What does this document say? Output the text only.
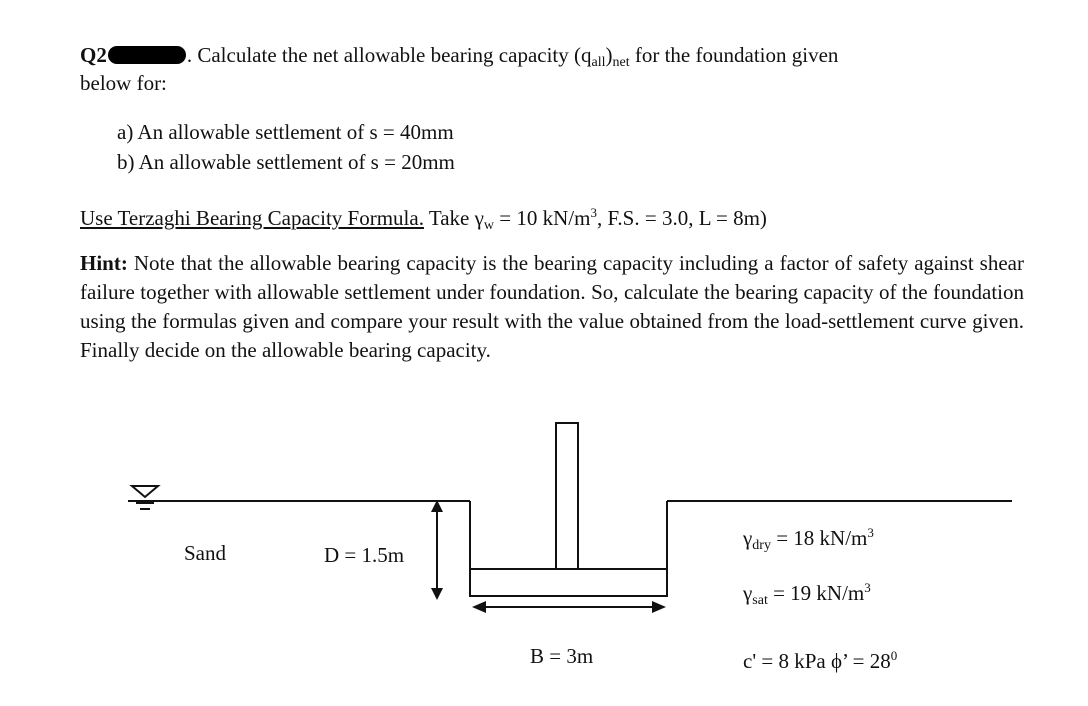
Q2	. Calculate the net allowable bearing capacity $(q_{all})_{net}$ for the foundation given
below for:
a) An allowable settlement of s = 40mm
b) An allowable settlement of s = 20mm
Use Terzaghi Bearing Capacity Formula. Take $\gamma_w = 10$ $kN/m^3$, F.S. = 3.0, L = 8m)
Hint: Note that the allowable bearing capacity is the bearing capacity including a factor of safety against shear failure together with allowable settlement under foundation. So, calculate the bearing capacity of the foundation using the formulas given and compare your result with the value obtained from the load-settlement curve given. Finally decide on the allowable bearing capacity.
Sand	D = 1.5m
B = 3m
$\gamma_{dry} = 18$ $kN/m^3$
$\gamma_{sat} = 19$ $kN/m^3$
c' = 8 kPa ϕ’ = $28^0$
